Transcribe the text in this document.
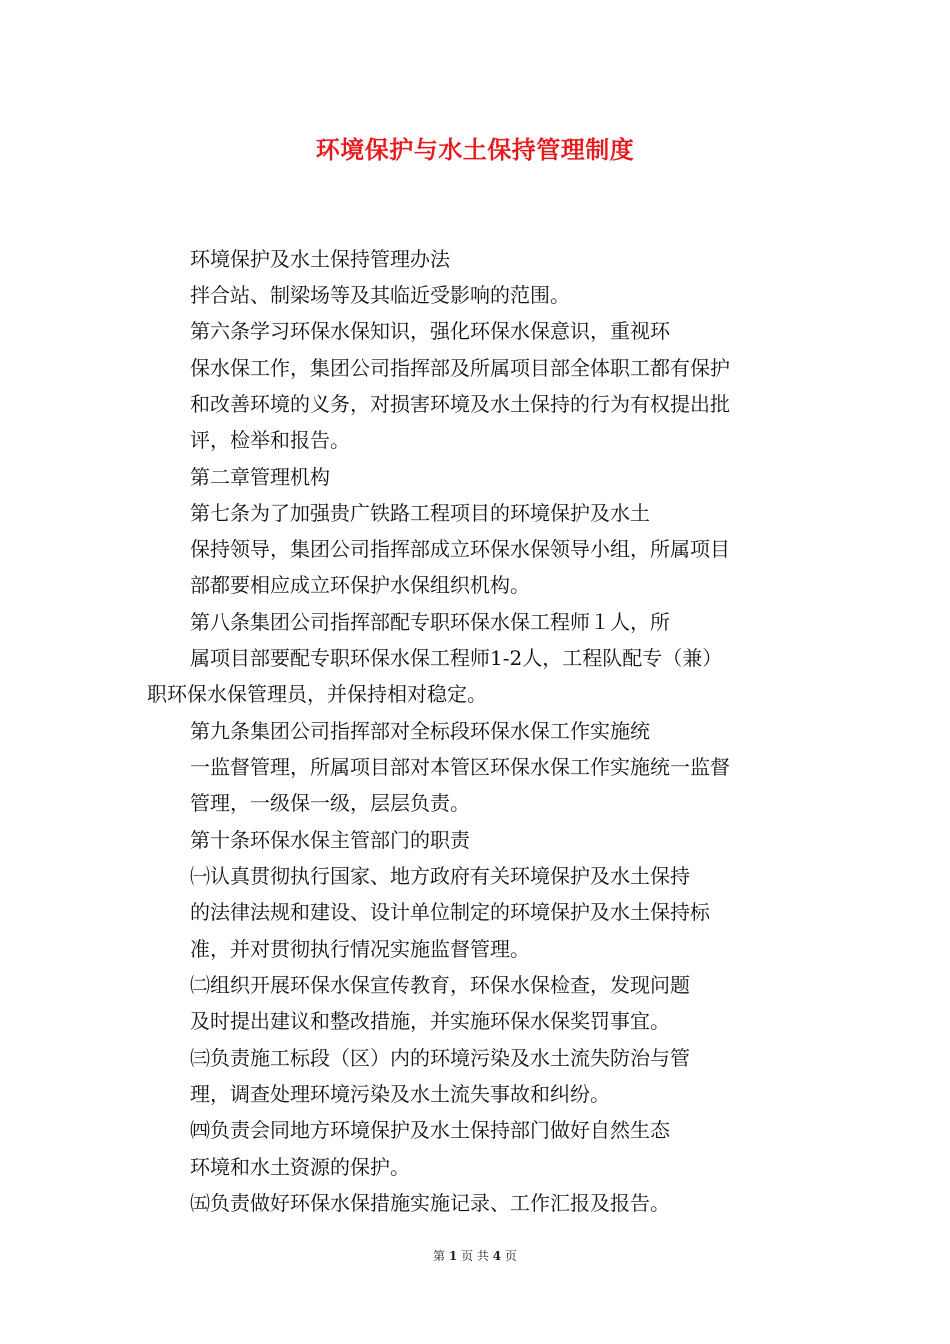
环境保护与水土保持管理制度
环境保护及水土保持管理办法
拌合站、制梁场等及其临近受影响的范围。
第六条学习环保水保知识，强化环保水保意识，重视环
保水保工作，集团公司指挥部及所属项目部全体职工都有保护
和改善环境的义务，对损害环境及水土保持的行为有权提出批
评，检举和报告。
第二章管理机构
第七条为了加强贵广铁路工程项目的环境保护及水土
保持领导，集团公司指挥部成立环保水保领导小组，所属项目
部都要相应成立环保护水保组织机构。
第八条集团公司指挥部配专职环保水保工程师１人，所
属项目部要配专职环保水保工程师1-2人，工程队配专（兼）
职环保水保管理员，并保持相对稳定。
第九条集团公司指挥部对全标段环保水保工作实施统
一监督管理，所属项目部对本管区环保水保工作实施统一监督
管理，一级保一级，层层负责。
第十条环保水保主管部门的职责
㈠认真贯彻执行国家、地方政府有关环境保护及水土保持
的法律法规和建设、设计单位制定的环境保护及水土保持标
准，并对贯彻执行情况实施监督管理。
㈡组织开展环保水保宣传教育，环保水保检查，发现问题
及时提出建议和整改措施，并实施环保水保奖罚事宜。
㈢负责施工标段（区）内的环境污染及水土流失防治与管
理，调查处理环境污染及水土流失事故和纠纷。
㈣负责会同地方环境保护及水土保持部门做好自然生态
环境和水土资源的保护。
㈤负责做好环保水保措施实施记录、工作汇报及报告。
第 1 页 共 4 页
